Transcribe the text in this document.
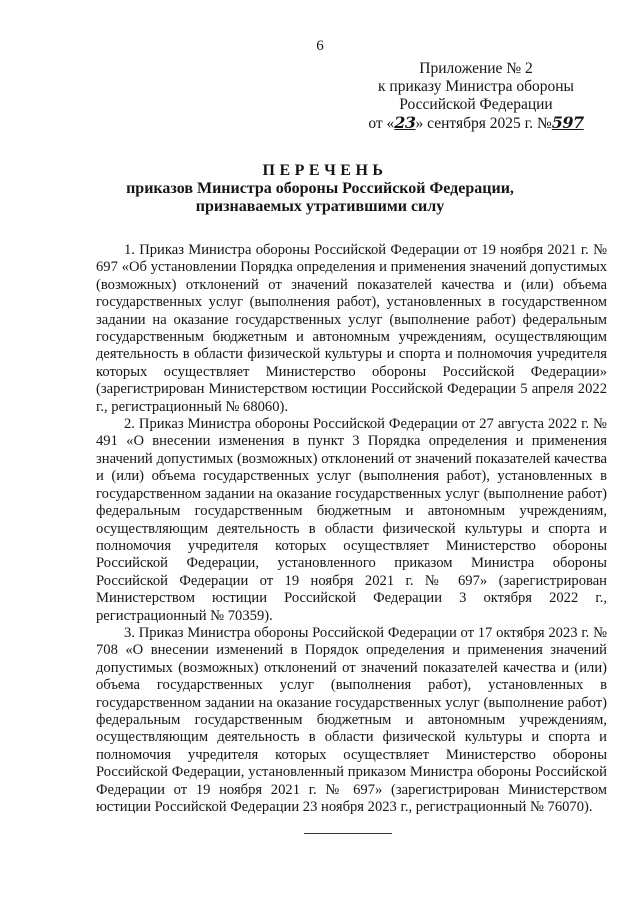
6
Приложение № 2
к приказу Министра обороны
Российской Федерации
от «23» сентября 2025 г. №597
ПЕРЕЧЕНЬ
приказов Министра обороны Российской Федерации,
признаваемых утратившими силу

1. Приказ Министра обороны Российской Федерации от 19 ноября 2021 г. № 697 «Об установлении Порядка определения и применения значений допустимых (возможных) отклонений от значений показателей качества и (или) объема государственных услуг (выполнения работ), установленных в государственном задании на оказание государственных услуг (выполнение работ) федеральным государственным бюджетным и автономным учреждениям, осуществляющим деятельность в области физической культуры и спорта и полномочия учредителя которых осуществляет Министерство обороны Российской Федерации» (зарегистрирован Министерством юстиции Российской Федерации 5 апреля 2022 г., регистрационный № 68060).

2. Приказ Министра обороны Российской Федерации от 27 августа 2022 г. № 491 «О внесении изменения в пункт 3 Порядка определения и применения значений допустимых (возможных) отклонений от значений показателей качества и (или) объема государственных услуг (выполнения работ), установленных в государственном задании на оказание государственных услуг (выполнение работ) федеральным государственным бюджетным и автономным учреждениям, осуществляющим деятельность в области физической культуры и спорта и полномочия учредителя которых осуществляет Министерство обороны Российской Федерации, установленного приказом Министра обороны Российской Федерации от 19 ноября 2021 г. № 697» (зарегистрирован Министерством юстиции Российской Федерации 3 октября 2022 г., регистрационный № 70359).

3. Приказ Министра обороны Российской Федерации от 17 октября 2023 г. № 708 «О внесении изменений в Порядок определения и применения значений допустимых (возможных) отклонений от значений показателей качества и (или) объема государственных услуг (выполнения работ), установленных в государственном задании на оказание государственных услуг (выполнение работ) федеральным государственным бюджетным и автономным учреждениям, осуществляющим деятельность в области физической культуры и спорта и полномочия учредителя которых осуществляет Министерство обороны Российской Федерации, установленный приказом Министра обороны Российской Федерации от 19 ноября 2021 г. № 697» (зарегистрирован Министерством юстиции Российской Федерации 23 ноября 2023 г., регистрационный № 76070).
